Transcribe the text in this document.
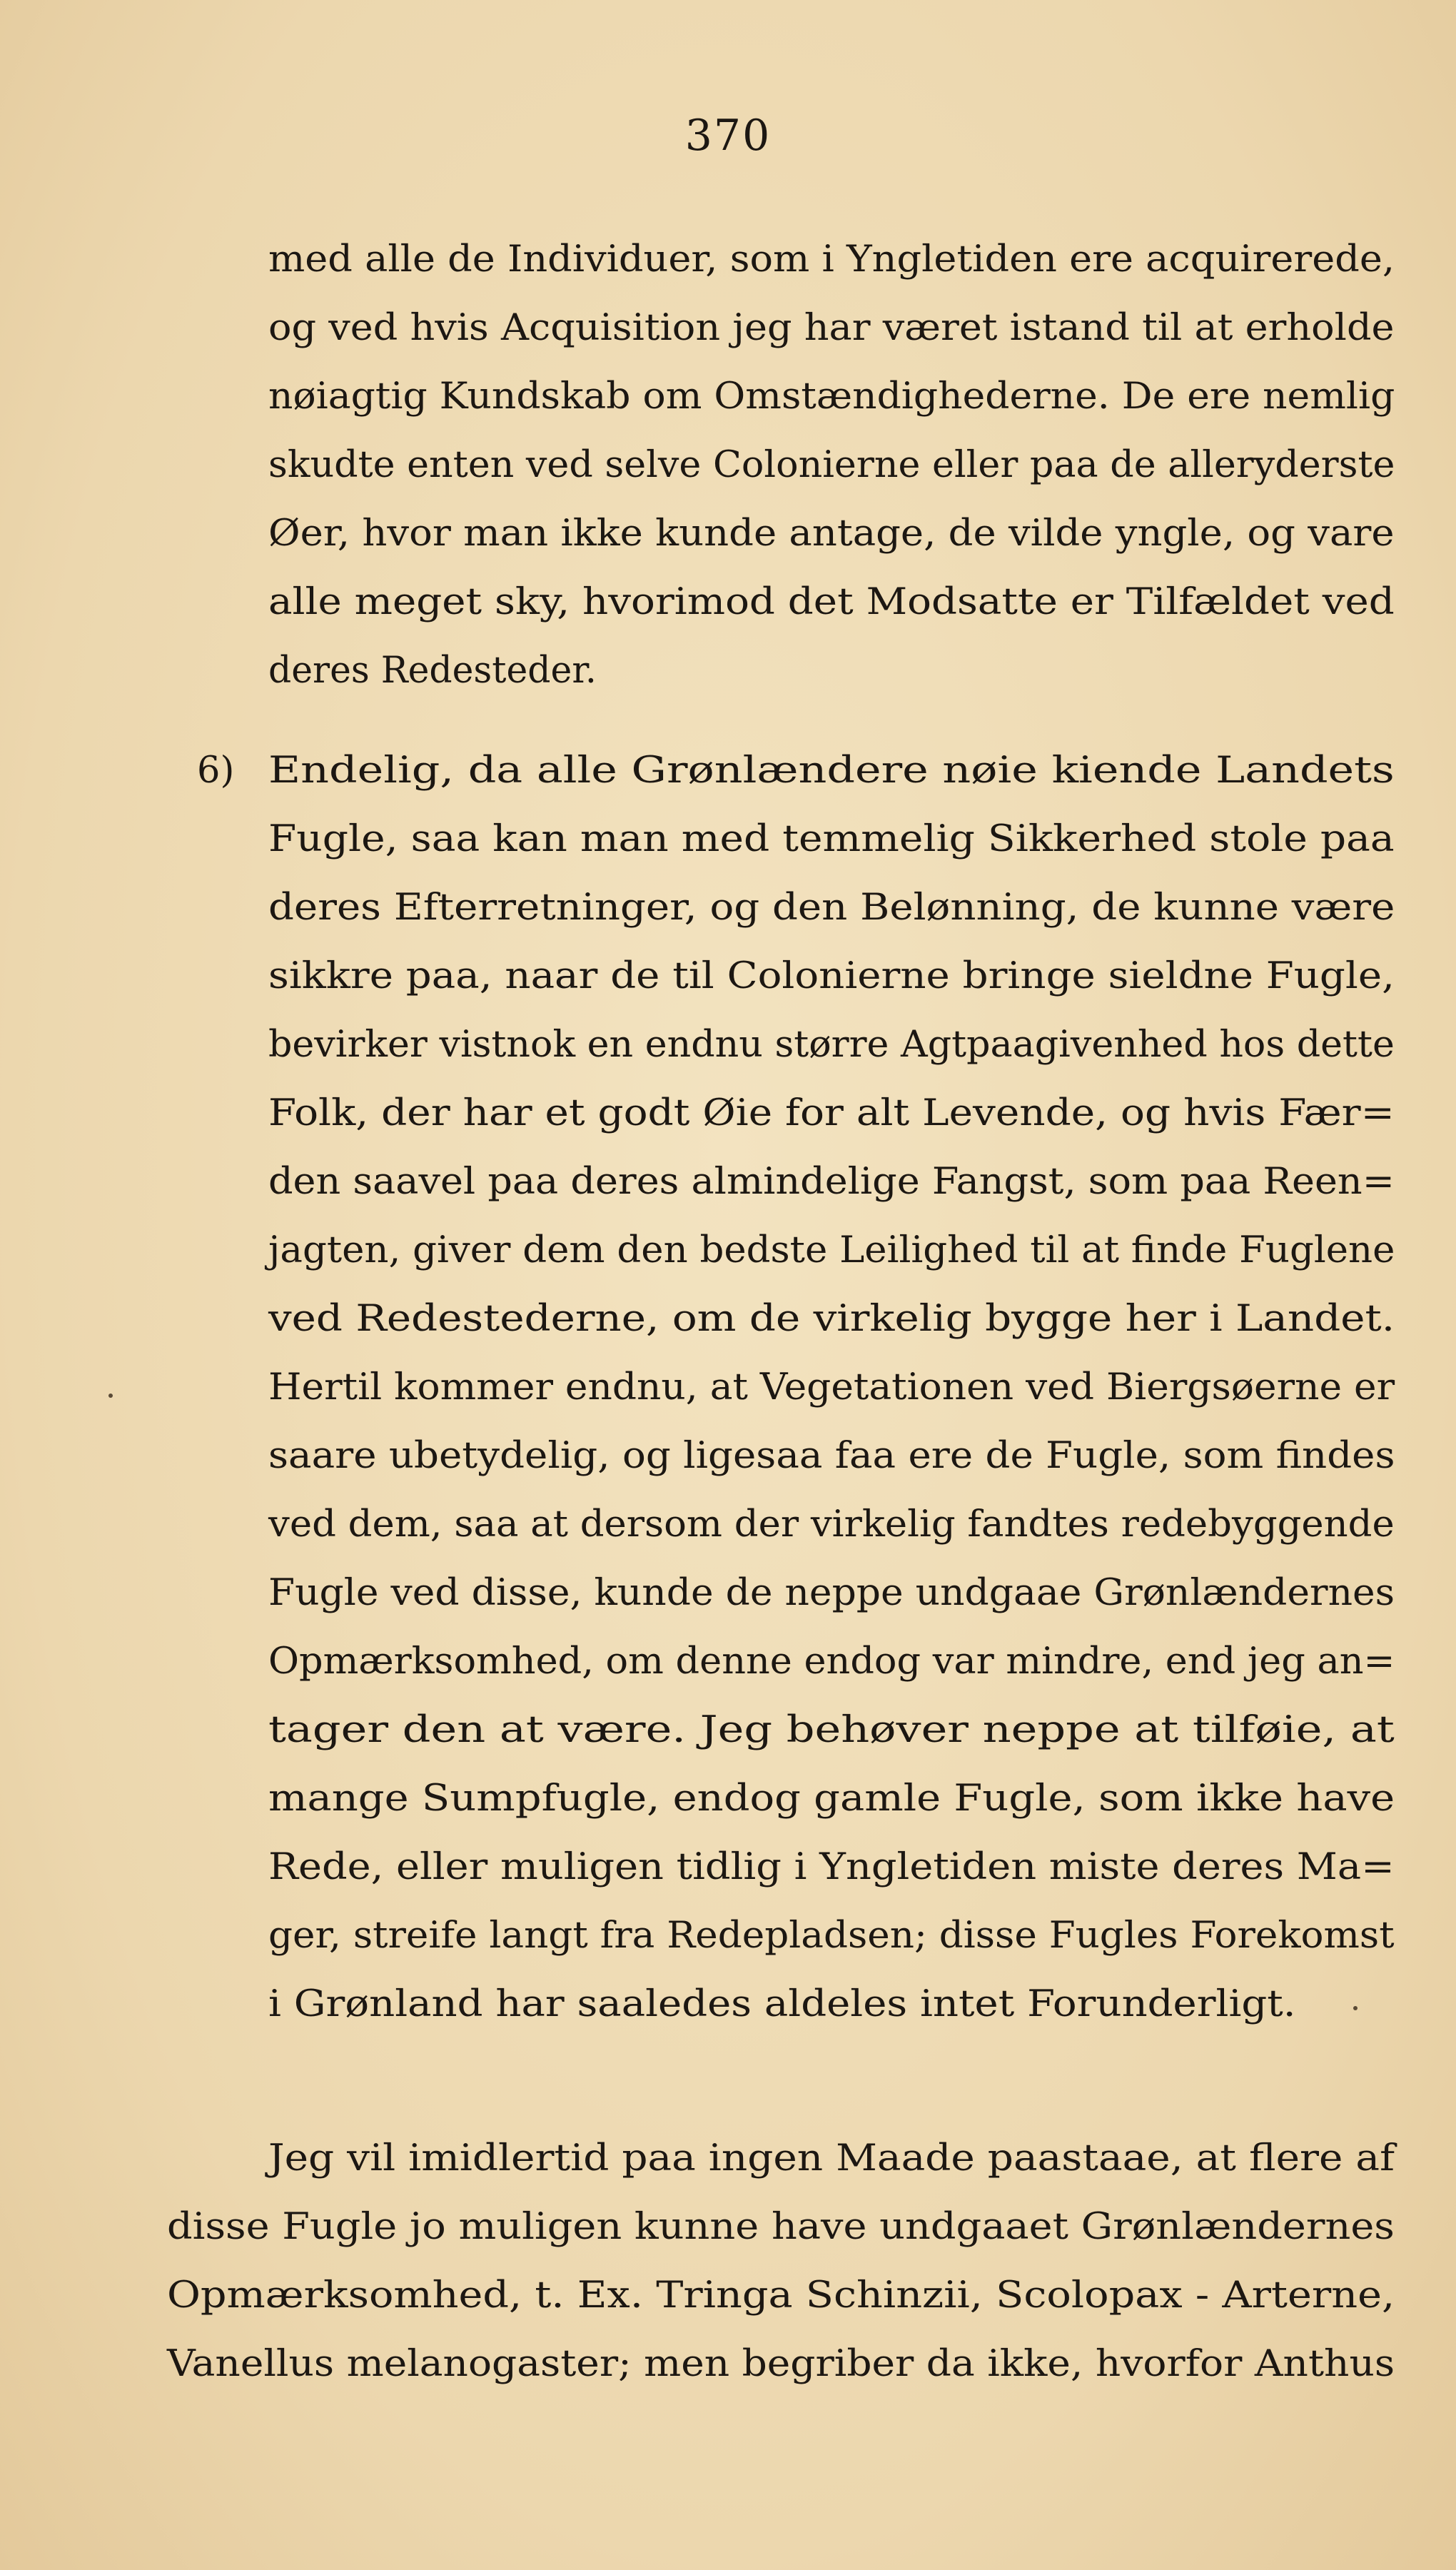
370
med alle de Individuer, som i Yngletiden ere acquirerede,
og ved hvis Acquisition jeg har været istand til at erholde
nøiagtig Kundskab om Omstændighederne. De ere nemlig
skudte enten ved selve Colonierne eller paa de alleryderste
Øer, hvor man ikke kunde antage, de vilde yngle, og vare
alle meget sky, hvorimod det Modsatte er Tilfældet ved
deres Redesteder.
6) Endelig, da alle Grønlændere nøie kiende Landets
Fugle, saa kan man med temmelig Sikkerhed stole paa
deres Efterretninger, og den Belønning, de kunne være
sikkre paa, naar de til Colonierne bringe sieldne Fugle,
bevirker vistnok en endnu større Agtpaagivenhed hos dette
Folk, der har et godt Øie for alt Levende, og hvis Fær=
den saavel paa deres almindelige Fangst, som paa Reen=
jagten, giver dem den bedste Leilighed til at finde Fuglene
ved Redestederne, om de virkelig bygge her i Landet.
Hertil kommer endnu, at Vegetationen ved Biergsøerne er
saare ubetydelig, og ligesaa faa ere de Fugle, som findes
ved dem, saa at dersom der virkelig fandtes redebyggende
Fugle ved disse, kunde de neppe undgaae Grønlændernes
Opmærksomhed, om denne endog var mindre, end jeg an=
tager den at være. Jeg behøver neppe at tilføie, at
mange Sumpfugle, endog gamle Fugle, som ikke have
Rede, eller muligen tidlig i Yngletiden miste deres Ma=
ger, streife langt fra Redepladsen; disse Fugles Forekomst
i Grønland har saaledes aldeles intet Forunderligt.
Jeg vil imidlertid paa ingen Maade paastaae, at flere af
disse Fugle jo muligen kunne have undgaaet Grønlændernes
Opmærksomhed, t. Ex. Tringa Schinzii, Scolopax - Arterne,
Vanellus melanogaster; men begriber da ikke, hvorfor Anthus
